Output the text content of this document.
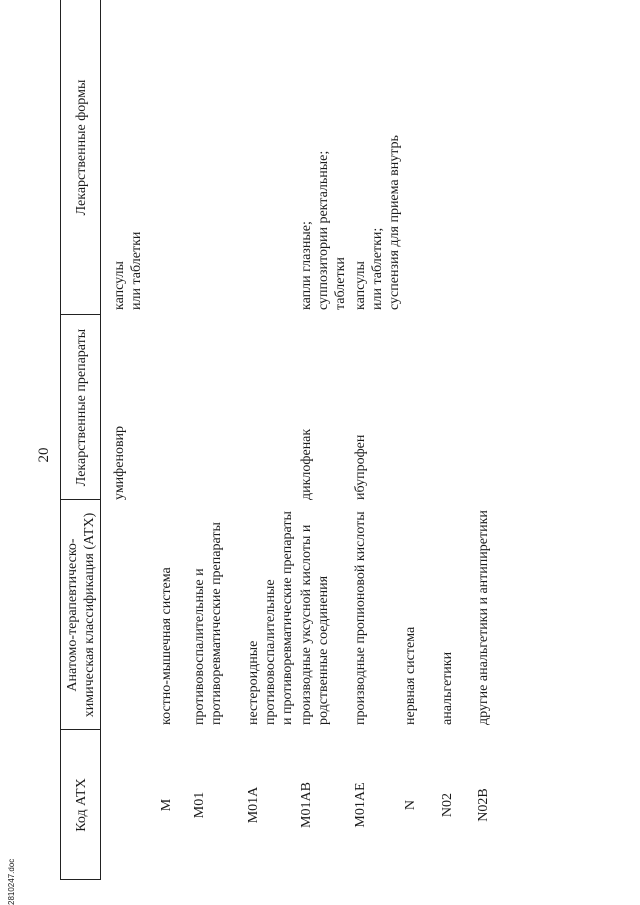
20
Код АТХ
Анатомо-терапевтическо-химическая классификация (АТХ)
Лекарственные препараты
Лекарственные формы
умифеновир
капсулы или таблетки
M
костно-мышечная система
M01
противовоспалительные и противоревматические препараты
M01A
нестероидные противовоспалительные и противоревматические препараты
M01AB
производные уксусной кислоты и родственные соединения
диклофенак
капли глазные; суппозитории ректальные; таблетки
M01AE
производные пропионовой кислоты
ибупрофен
капсулы или таблетки; суспензия для приема внутрь
N
нервная система
N02
анальгетики
N02B
другие анальгетики и антипиретики
2810247.doc
